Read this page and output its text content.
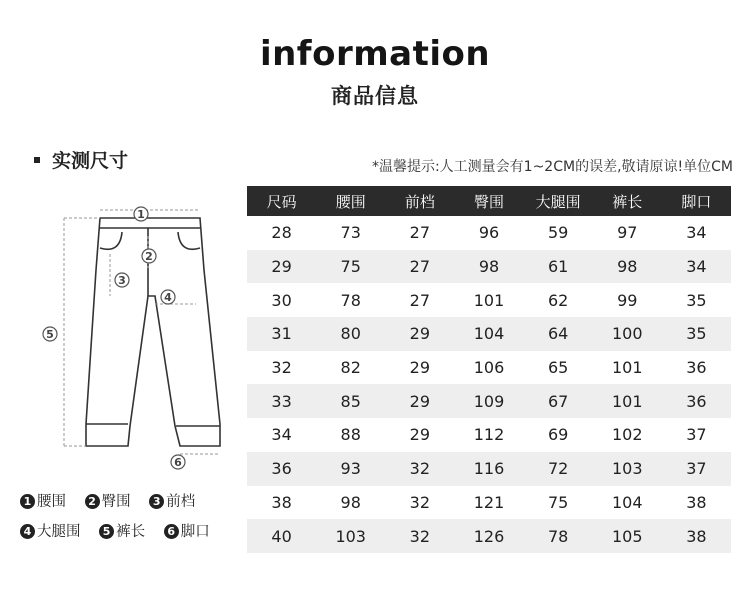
information
商品信息
实测尺寸	*温馨提示:人工测量会有1~2CM的误差,敬请原谅!单位CM
1
2
3
4
5
6
1 腰围 2 臀围 3 前档
4 大腿围 5 裤长 6 脚口
尺码	腰围	前档	臀围	大腿围	裤长	脚口
28	73	27	96	59	97	34
29	75	27	98	61	98	34
30	78	27	101	62	99	35
31	80	29	104	64	100	35
32	82	29	106	65	101	36
33	85	29	109	67	101	36
34	88	29	112	69	102	37
36	93	32	116	72	103	37
38	98	32	121	75	104	38
40	103	32	126	78	105	38
